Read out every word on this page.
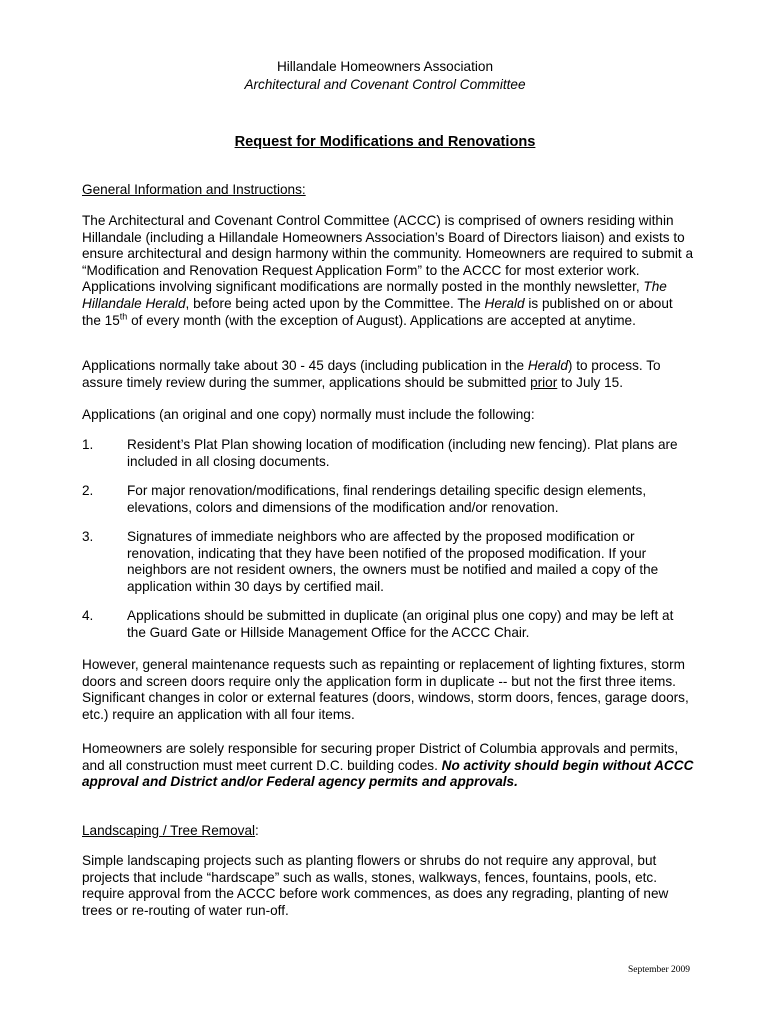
Hillandale Homeowners Association
Architectural and Covenant Control Committee
Request for Modifications and Renovations
General Information and Instructions:

The Architectural and Covenant Control Committee (ACCC) is comprised of owners residing within Hillandale (including a Hillandale Homeowners Association’s Board of Directors liaison) and exists to ensure architectural and design harmony within the community. Homeowners are required to submit a “Modification and Renovation Request Application Form” to the ACCC for most exterior work. Applications involving significant modifications are normally posted in the monthly newsletter, The Hillandale Herald, before being acted upon by the Committee. The Herald is published on or about the 15th of every month (with the exception of August). Applications are accepted at anytime.

Applications normally take about 30 - 45 days (including publication in the Herald) to process. To assure timely review during the summer, applications should be submitted prior to July 15.

Applications (an original and one copy) normally must include the following:
1. Resident’s Plat Plan showing location of modification (including new fencing). Plat plans are included in all closing documents.

2. For major renovation/modifications, final renderings detailing specific design elements, elevations, colors and dimensions of the modification and/or renovation.

3. Signatures of immediate neighbors who are affected by the proposed modification or renovation, indicating that they have been notified of the proposed modification. If your neighbors are not resident owners, the owners must be notified and mailed a copy of the application within 30 days by certified mail.

4. Applications should be submitted in duplicate (an original plus one copy) and may be left at the Guard Gate or Hillside Management Office for the ACCC Chair.

However, general maintenance requests such as repainting or replacement of lighting fixtures, storm doors and screen doors require only the application form in duplicate -- but not the first three items. Significant changes in color or external features (doors, windows, storm doors, fences, garage doors, etc.) require an application with all four items.

Homeowners are solely responsible for securing proper District of Columbia approvals and permits, and all construction must meet current D.C. building codes. No activity should begin without ACCC approval and District and/or Federal agency permits and approvals.

Landscaping / Tree Removal:

Simple landscaping projects such as planting flowers or shrubs do not require any approval, but projects that include “hardscape” such as walls, stones, walkways, fences, fountains, pools, etc. require approval from the ACCC before work commences, as does any regrading, planting of new trees or re-routing of water run-off.

September 2009
